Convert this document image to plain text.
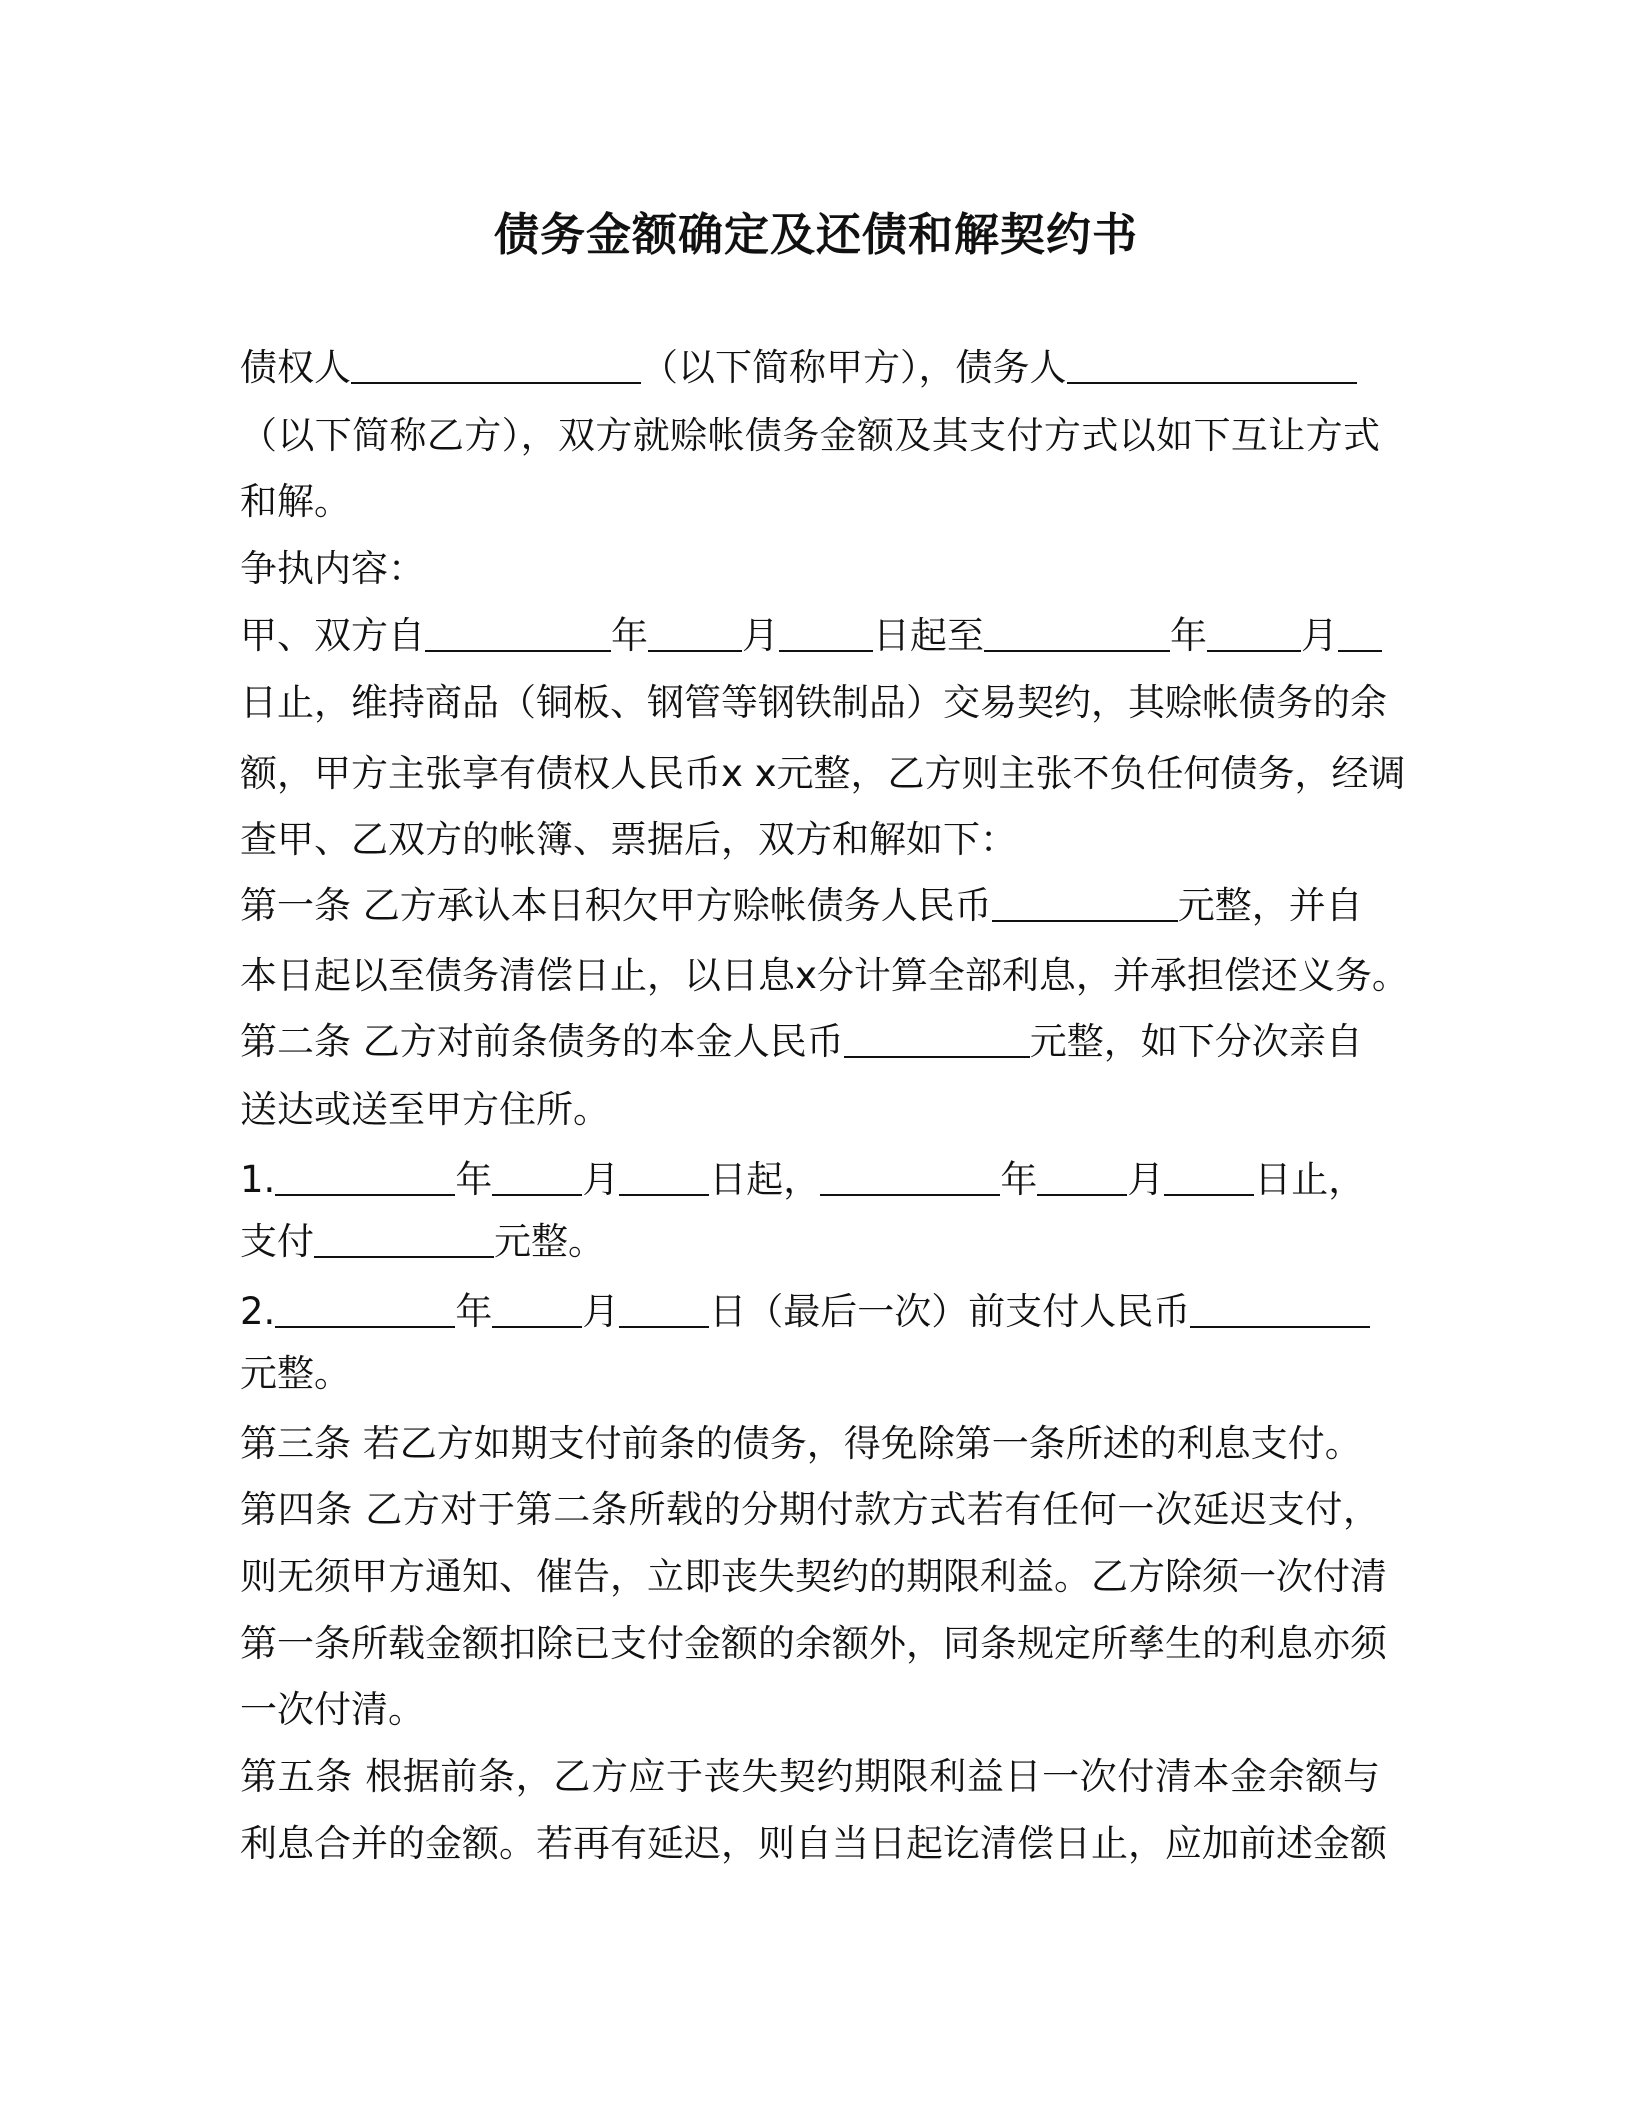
债务金额确定及还债和解契约书
债权人	（以下简称甲方），债务人
（以下简称乙方），双方就赊帐债务金额及其支付方式以如下互让方式
和解。
争执内容：
甲、双方自	年	月	日起至	年	月
日止，维持商品（铜板、钢管等钢铁制品）交易契约，其赊帐债务的余
额，甲方主张享有债权人民币x x元整，乙方则主张不负任何债务，经调
查甲、乙双方的帐簿、票据后，双方和解如下：
第一条 乙方承认本日积欠甲方赊帐债务人民币	元整，并自
本日起以至债务清偿日止，以日息x分计算全部利息，并承担偿还义务。
第二条 乙方对前条债务的本金人民币	元整，如下分次亲自
送达或送至甲方住所。
1.	年 月 日起，	年 月 日止，
支付	元整。
2.	年 月 日（最后一次）前支付人民币
元整。
第三条 若乙方如期支付前条的债务，得免除第一条所述的利息支付。
第四条 乙方对于第二条所载的分期付款方式若有任何一次延迟支付，
则无须甲方通知、催告，立即丧失契约的期限利益。乙方除须一次付清
第一条所载金额扣除已支付金额的余额外，同条规定所孳生的利息亦须
一次付清。
第五条 根据前条，乙方应于丧失契约期限利益日一次付清本金余额与
利息合并的金额。若再有延迟，则自当日起讫清偿日止，应加前述金额
